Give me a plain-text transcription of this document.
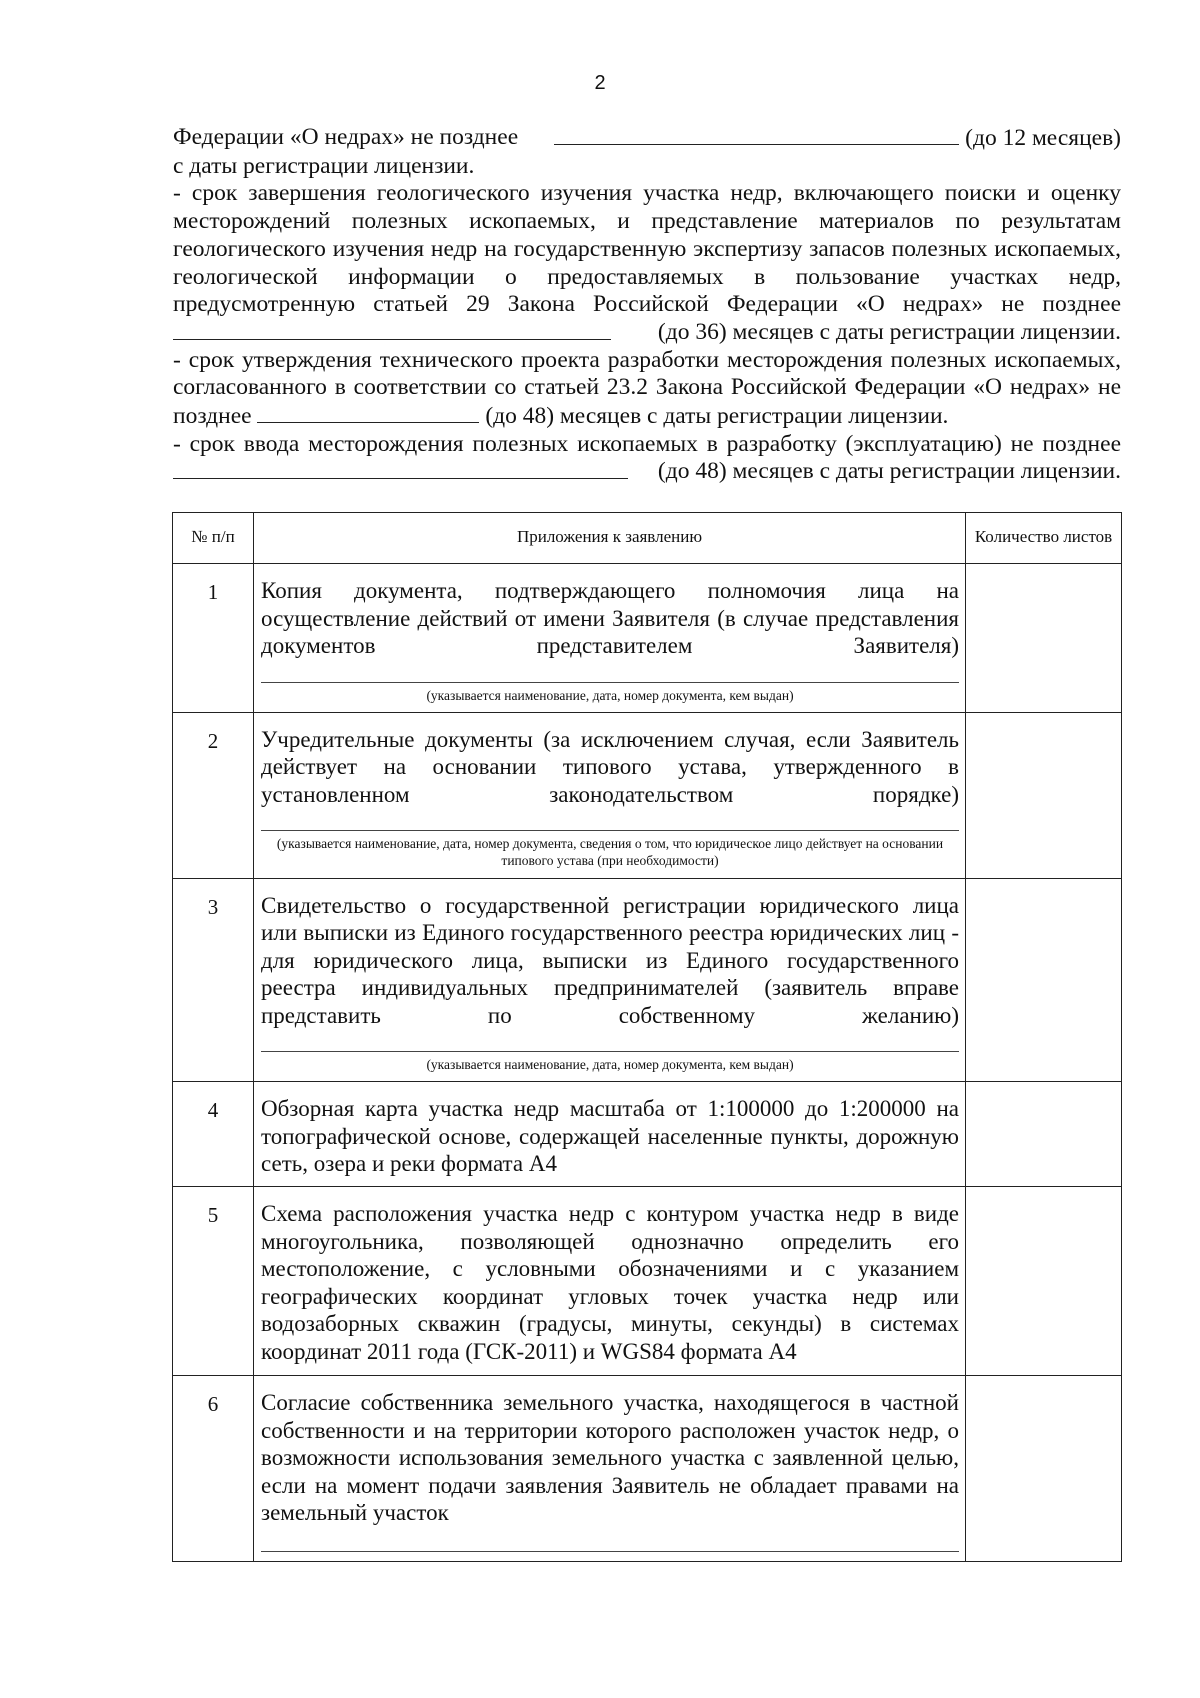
2

Федерации «О недрах» не позднее	(до 12 месяцев)

с даты регистрации лицензии.

- срок завершения геологического изучения участка недр, включающего поиски и оценку месторождений полезных ископаемых, и представление материалов по результатам геологического изучения недр на государственную экспертизу запасов полезных ископаемых, геологической информации о предоставляемых в пользование участках недр, предусмотренную статьей 29 Закона Российской Федерации «О недрах» не позднее

(до 36) месяцев с даты регистрации лицензии.

- срок утверждения технического проекта разработки месторождения полезных ископаемых, согласованного в соответствии со статьей 23.2 Закона Российской Федерации «О недрах» не позднее	(до 48) месяцев с даты регистрации лицензии.

- срок ввода месторождения полезных ископаемых в разработку (эксплуатацию) не позднее

(до 48) месяцев с даты регистрации лицензии.

№ п/п	Приложения к заявлению	Количество листов
1	Копия документа, подтверждающего полномочия лица на осуществление действий от имени Заявителя (в случае представления документов представителем Заявителя)
(указывается наименование, дата, номер документа, кем выдан)	

2	Учредительные документы (за исключением случая, если Заявитель действует на основании типового устава, утвержденного в установленном законодательством порядке)
(указывается наименование, дата, номер документа, сведения о том, что юридическое лицо действует на основании типового устава (при необходимости)	

3	Свидетельство о государственной регистрации юридического лица или выписки из Единого государственного реестра юридических лиц - для юридического лица, выписки из Единого государственного реестра индивидуальных предпринимателей (заявитель вправе представить по собственному желанию)
(указывается наименование, дата, номер документа, кем выдан)	

4	Обзорная карта участка недр масштаба от 1:100000 до 1:200000 на топографической основе, содержащей населенные пункты, дорожную сеть, озера и реки формата А4	

5	Схема расположения участка недр с контуром участка недр в виде многоугольника, позволяющей однозначно определить его местоположение, с условными обозначениями и с указанием географических координат угловых точек участка недр или водозаборных скважин (градусы, минуты, секунды) в системах координат 2011 года (ГСК-2011) и WGS84 формата А4	

6	Согласие собственника земельного участка, находящегося в частной собственности и на территории которого расположен участок недр, о возможности использования земельного участка с заявленной целью, если на момент подачи заявления Заявитель не обладает правами на земельный участок	
